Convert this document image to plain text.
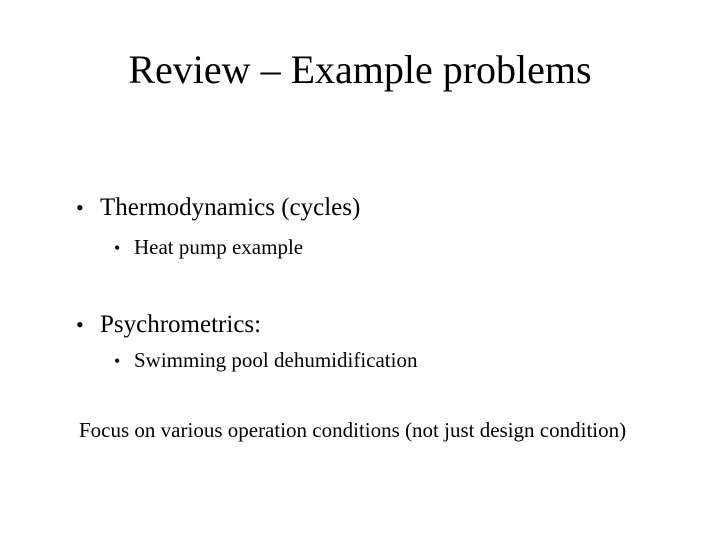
Review – Example problems
• Thermodynamics (cycles)
• Heat pump example
• Psychrometrics:
• Swimming pool dehumidification
Focus on various operation conditions (not just design condition)
